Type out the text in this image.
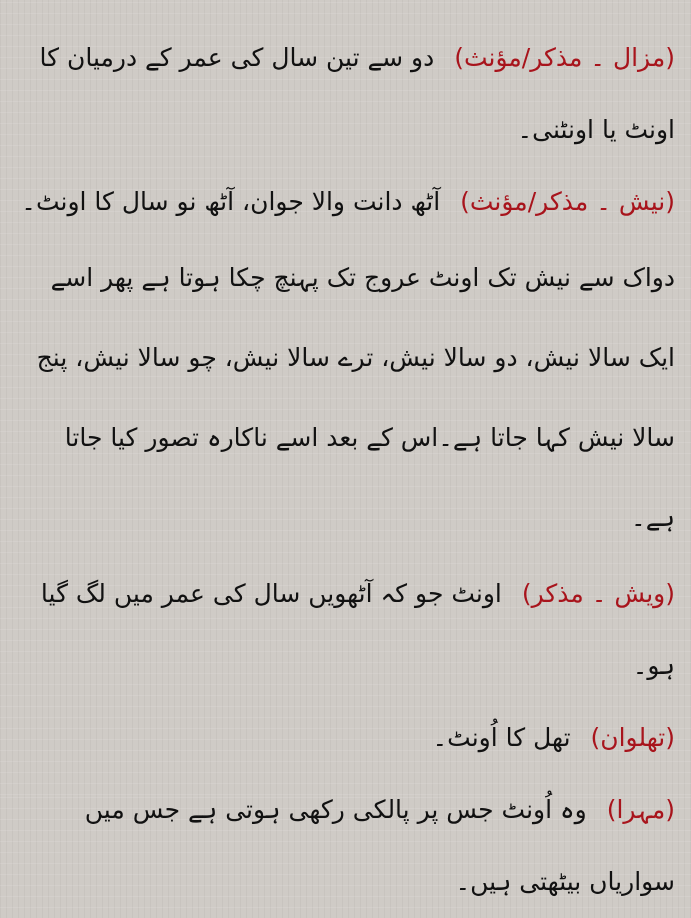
(مزال ۔ مذکر/مؤنث) دو سے تین سال کی عمر کے درمیان کا اونٹ یا اونٹنی۔

(نیش ۔ مذکر/مؤنث) آٹھ دانت والا جوان، آٹھ نو سال کا اونٹ۔

دواک سے نیش تک اونٹ عروج تک پہنچ چکا ہوتا ہے پھر اسے ایک سالا نیش، دو سالا نیش، ترے سالا نیش، چو سالا نیش، پنج سالا نیش کہا جاتا ہے۔اس کے بعد اسے ناکارہ تصور کیا جاتا ہے۔

(ویش ۔ مذکر) اونٹ جو کہ آٹھویں سال کی عمر میں لگ گیا ہو۔

(تھلوان) تھل کا اُونٹ۔

(مہرا) وہ اُونٹ جس پر پالکی رکھی ہوتی ہے جس میں سواریاں بیٹھتی ہیں۔
